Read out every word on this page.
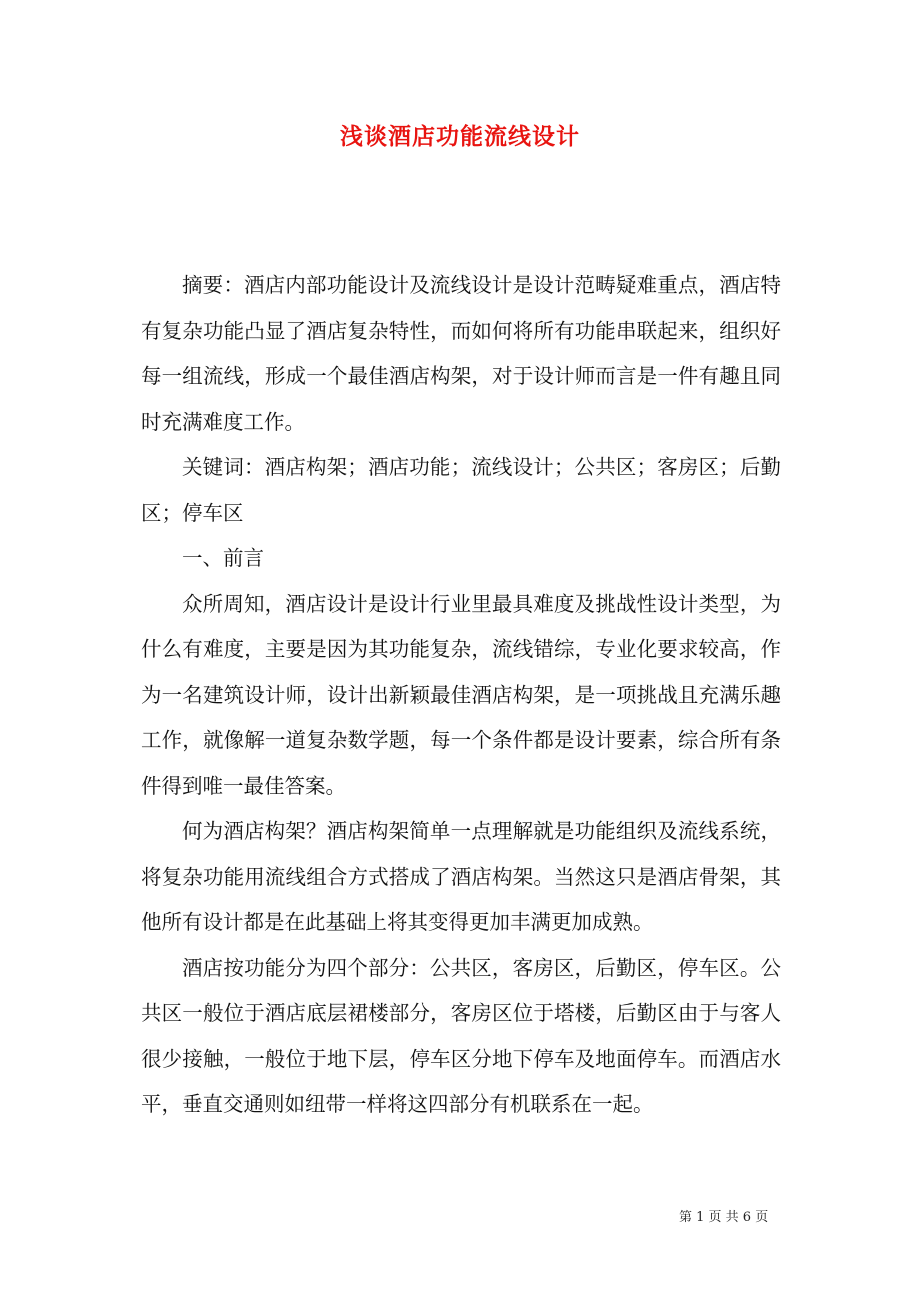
浅谈酒店功能流线设计

摘要：酒店内部功能设计及流线设计是设计范畴疑难重点，酒店特有复杂功能凸显了酒店复杂特性，而如何将所有功能串联起来，组织好每一组流线，形成一个最佳酒店构架，对于设计师而言是一件有趣且同时充满难度工作。

关键词：酒店构架；酒店功能；流线设计；公共区；客房区；后勤区；停车区

一、前言

众所周知，酒店设计是设计行业里最具难度及挑战性设计类型，为什么有难度，主要是因为其功能复杂，流线错综，专业化要求较高，作为一名建筑设计师，设计出新颖最佳酒店构架，是一项挑战且充满乐趣工作，就像解一道复杂数学题，每一个条件都是设计要素，综合所有条件得到唯一最佳答案。

何为酒店构架？酒店构架简单一点理解就是功能组织及流线系统，将复杂功能用流线组合方式搭成了酒店构架。当然这只是酒店骨架，其他所有设计都是在此基础上将其变得更加丰满更加成熟。

酒店按功能分为四个部分：公共区，客房区，后勤区，停车区。公共区一般位于酒店底层裙楼部分，客房区位于塔楼，后勤区由于与客人很少接触，一般位于地下层，停车区分地下停车及地面停车。而酒店水平，垂直交通则如纽带一样将这四部分有机联系在一起。

第 1 页 共 6 页
